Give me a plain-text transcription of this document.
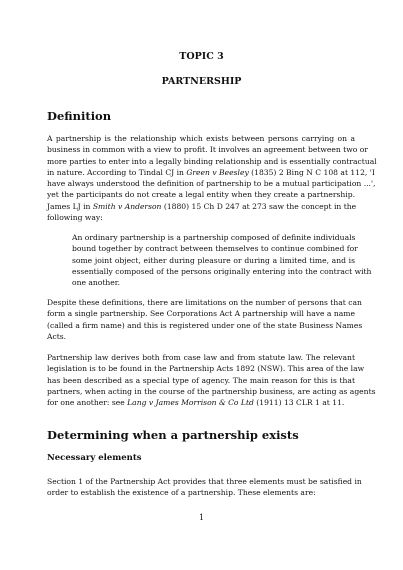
TOPIC 3
PARTNERSHIP
Definition
A partnership is the relationship which exists between persons carrying on a
business in common with a view to profit. It involves an agreement between two or
more parties to enter into a legally binding relationship and is essentially contractual
in nature. According to Tindal CJ in Green v Beesley (1835) 2 Bing N C 108 at 112, 'I
have always understood the definition of partnership to be a mutual participation ...',
yet the participants do not create a legal entity when they create a partnership.
James LJ in Smith v Anderson (1880) 15 Ch D 247 at 273 saw the concept in the
following way:
An ordinary partnership is a partnership composed of definite individuals
bound together by contract between themselves to continue combined for
some joint object, either during pleasure or during a limited time, and is
essentially composed of the persons originally entering into the contract with
one another.
Despite these definitions, there are limitations on the number of persons that can
form a single partnership. See Corporations Act A partnership will have a name
(called a firm name) and this is registered under one of the state Business Names
Acts.
Partnership law derives both from case law and from statute law. The relevant
legislation is to be found in the Partnership Acts 1892 (NSW). This area of the law
has been described as a special type of agency. The main reason for this is that
partners, when acting in the course of the partnership business, are acting as agents
for one another: see Lang v James Morrison & Co Ltd (1911) 13 CLR 1 at 11.
Determining when a partnership exists
Necessary elements
Section 1 of the Partnership Act provides that three elements must be satisfied in
order to establish the existence of a partnership. These elements are:
1
